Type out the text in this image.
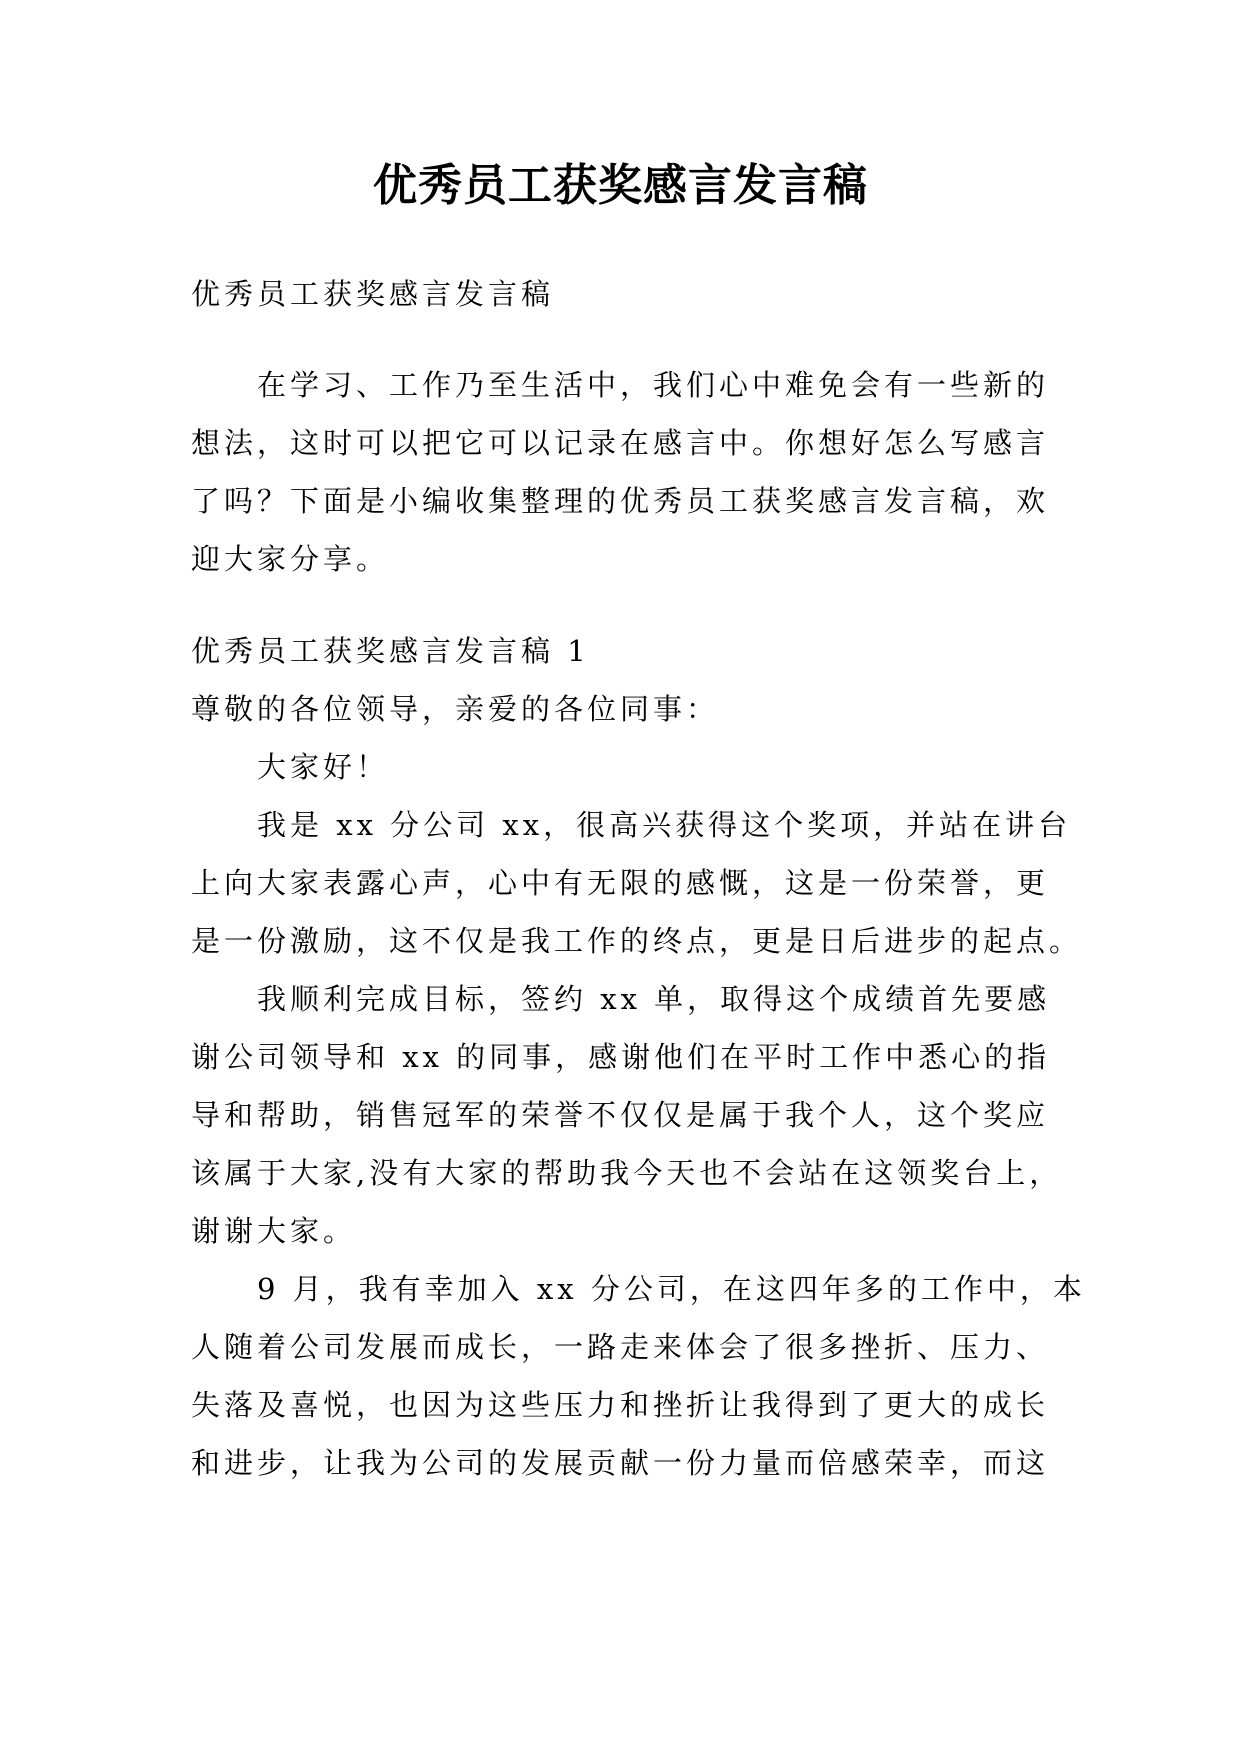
优秀员工获奖感言发言稿
优秀员工获奖感言发言稿
在学习、工作乃至生活中，我们心中难免会有一些新的
想法，这时可以把它可以记录在感言中。你想好怎么写感言
了吗？下面是小编收集整理的优秀员工获奖感言发言稿，欢
迎大家分享。
优秀员工获奖感言发言稿 1
尊敬的各位领导，亲爱的各位同事：
大家好！
我是 xx 分公司 xx，很高兴获得这个奖项，并站在讲台
上向大家表露心声，心中有无限的感慨，这是一份荣誉，更
是一份激励，这不仅是我工作的终点，更是日后进步的起点。
我顺利完成目标，签约 xx 单，取得这个成绩首先要感
谢公司领导和 xx 的同事，感谢他们在平时工作中悉心的指
导和帮助，销售冠军的荣誉不仅仅是属于我个人，这个奖应
该属于大家,没有大家的帮助我今天也不会站在这领奖台上，
谢谢大家。
9 月，我有幸加入 xx 分公司，在这四年多的工作中，本
人随着公司发展而成长，一路走来体会了很多挫折、压力、
失落及喜悦，也因为这些压力和挫折让我得到了更大的成长
和进步，让我为公司的发展贡献一份力量而倍感荣幸，而这
